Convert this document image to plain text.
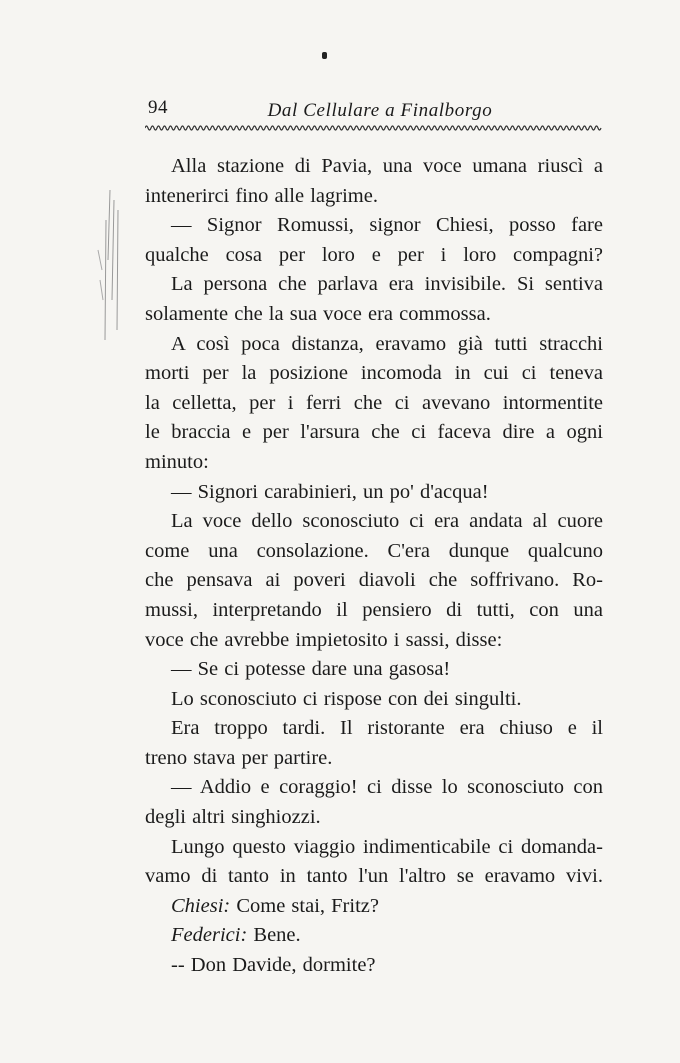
94	Dal Cellulare a Finalborgo
Alla stazione di Pavia, una voce umana riuscì a
intenerirci fino alle lagrime.
— Signor Romussi, signor Chiesi, posso fare
qualche cosa per loro e per i loro compagni?
La persona che parlava era invisibile. Si sentiva
solamente che la sua voce era commossa.
A così poca distanza, eravamo già tutti stracchi
morti per la posizione incomoda in cui ci teneva
la celletta, per i ferri che ci avevano intormentite
le braccia e per l'arsura che ci faceva dire a ogni
minuto:
— Signori carabinieri, un po' d'acqua!
La voce dello sconosciuto ci era andata al cuore
come una consolazione. C'era dunque qualcuno
che pensava ai poveri diavoli che soffrivano. Ro-
mussi, interpretando il pensiero di tutti, con una
voce che avrebbe impietosito i sassi, disse:
— Se ci potesse dare una gasosa!
Lo sconosciuto ci rispose con dei singulti.
Era troppo tardi. Il ristorante era chiuso e il
treno stava per partire.
— Addio e coraggio! ci disse lo sconosciuto con
degli altri singhiozzi.
Lungo questo viaggio indimenticabile ci domanda-
vamo di tanto in tanto l'un l'altro se eravamo vivi.
Chiesi: Come stai, Fritz?
Federici: Bene.
-- Don Davide, dormite?
